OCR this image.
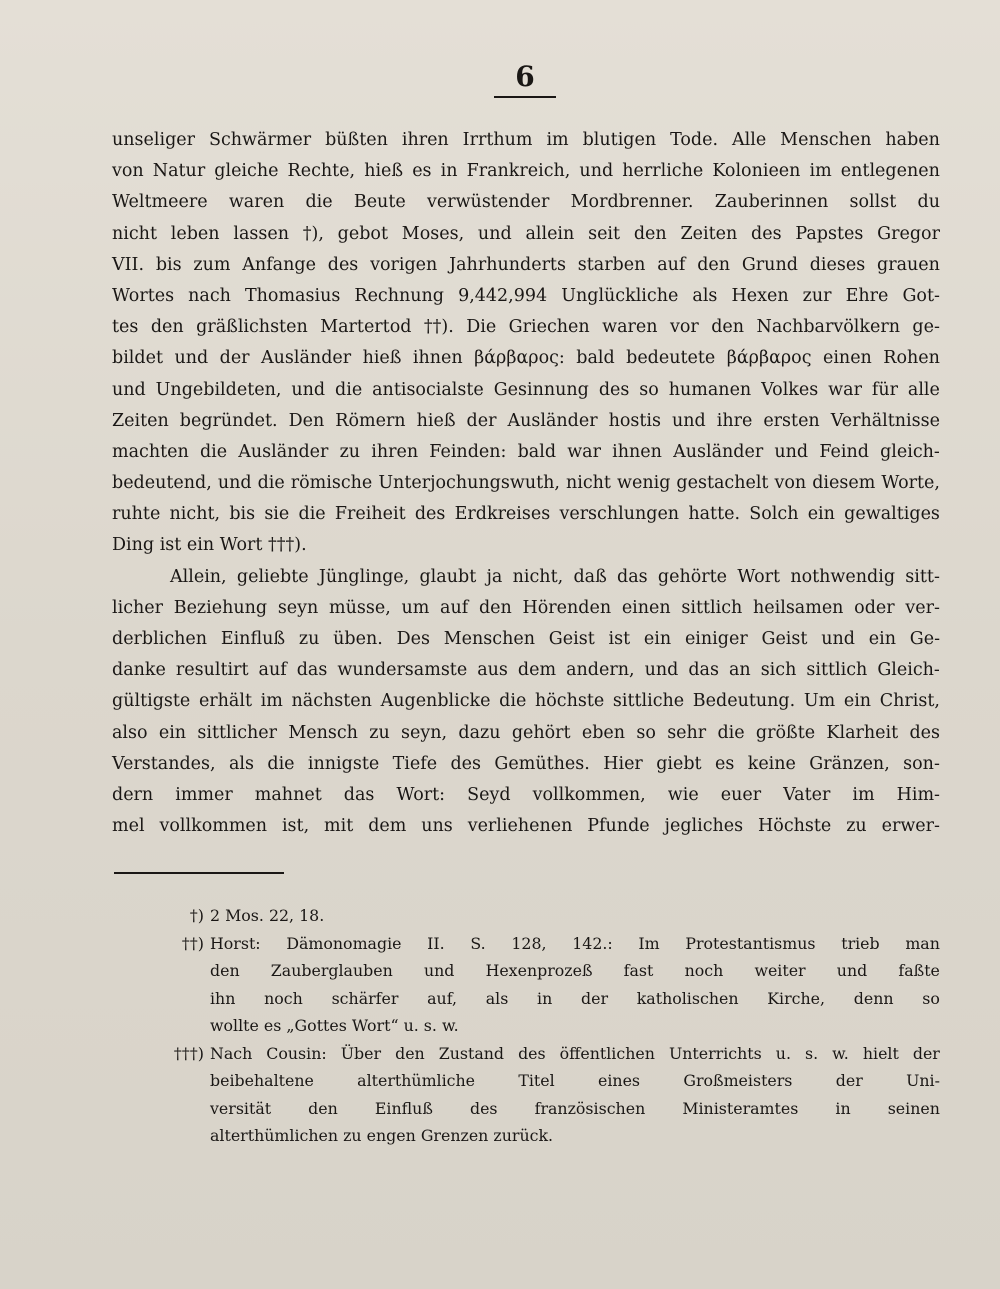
6
unseliger Schwärmer büßten ihren Irrthum im blutigen Tode. Alle Menschen haben
von Natur gleiche Rechte, hieß es in Frankreich, und herrliche Kolonieen im entlegenen
Weltmeere waren die Beute verwüstender Mordbrenner. Zauberinnen sollst du
nicht leben lassen †), gebot Moses, und allein seit den Zeiten des Papstes Gregor
VII. bis zum Anfange des vorigen Jahrhunderts starben auf den Grund dieses grauen
Wortes nach Thomasius Rechnung 9,442,994 Unglückliche als Hexen zur Ehre Got-
tes den gräßlichsten Martertod ††). Die Griechen waren vor den Nachbarvölkern ge-
bildet und der Ausländer hieß ihnen βάρβαρος: bald bedeutete βάρβαρος einen Rohen
und Ungebildeten, und die antisocialste Gesinnung des so humanen Volkes war für alle
Zeiten begründet. Den Römern hieß der Ausländer hostis und ihre ersten Verhältnisse
machten die Ausländer zu ihren Feinden: bald war ihnen Ausländer und Feind gleich-
bedeutend, und die römische Unterjochungswuth, nicht wenig gestachelt von diesem Worte,
ruhte nicht, bis sie die Freiheit des Erdkreises verschlungen hatte. Solch ein gewaltiges
Ding
ist
ein
Wort
†††).

Allein, geliebte Jünglinge, glaubt ja nicht, daß das gehörte Wort nothwendig sitt-
licher Beziehung seyn müsse, um auf den Hörenden einen sittlich heilsamen oder ver-
derblichen Einfluß zu üben. Des Menschen Geist ist ein einiger Geist und ein Ge-
danke resultirt auf das wundersamste aus dem andern, und das an sich sittlich Gleich-
gültigste erhält im nächsten Augenblicke die höchste sittliche Bedeutung. Um ein Christ,
also ein sittlicher Mensch zu seyn, dazu gehört eben so sehr die größte Klarheit des
Verstandes, als die innigste Tiefe des Gemüthes. Hier giebt es keine Gränzen, son-
dern immer mahnet das Wort: Seyd vollkommen, wie euer Vater im Him-
mel vollkommen ist, mit dem uns verliehenen Pfunde jegliches Höchste zu erwer-
†) 2
Mos.
22,
18.

††) Horst: Dämonomagie II. S. 128, 142.: Im Protestantismus trieb man
den Zauberglauben und Hexenprozeß fast noch weiter und faßte
ihn noch schärfer auf, als in der katholischen Kirche, denn so
wollte
es
„Gottes
Wort“
u.
s.
w.

†††) Nach Cousin: Über den Zustand des öffentlichen Unterrichts u. s. w. hielt der
beibehaltene	alterthümliche	Titel	eines	Großmeisters	der	Uni-
versität den Einfluß des französischen Ministeramtes in seinen
alterthümlichen
zu
engen
Grenzen
zurück.
